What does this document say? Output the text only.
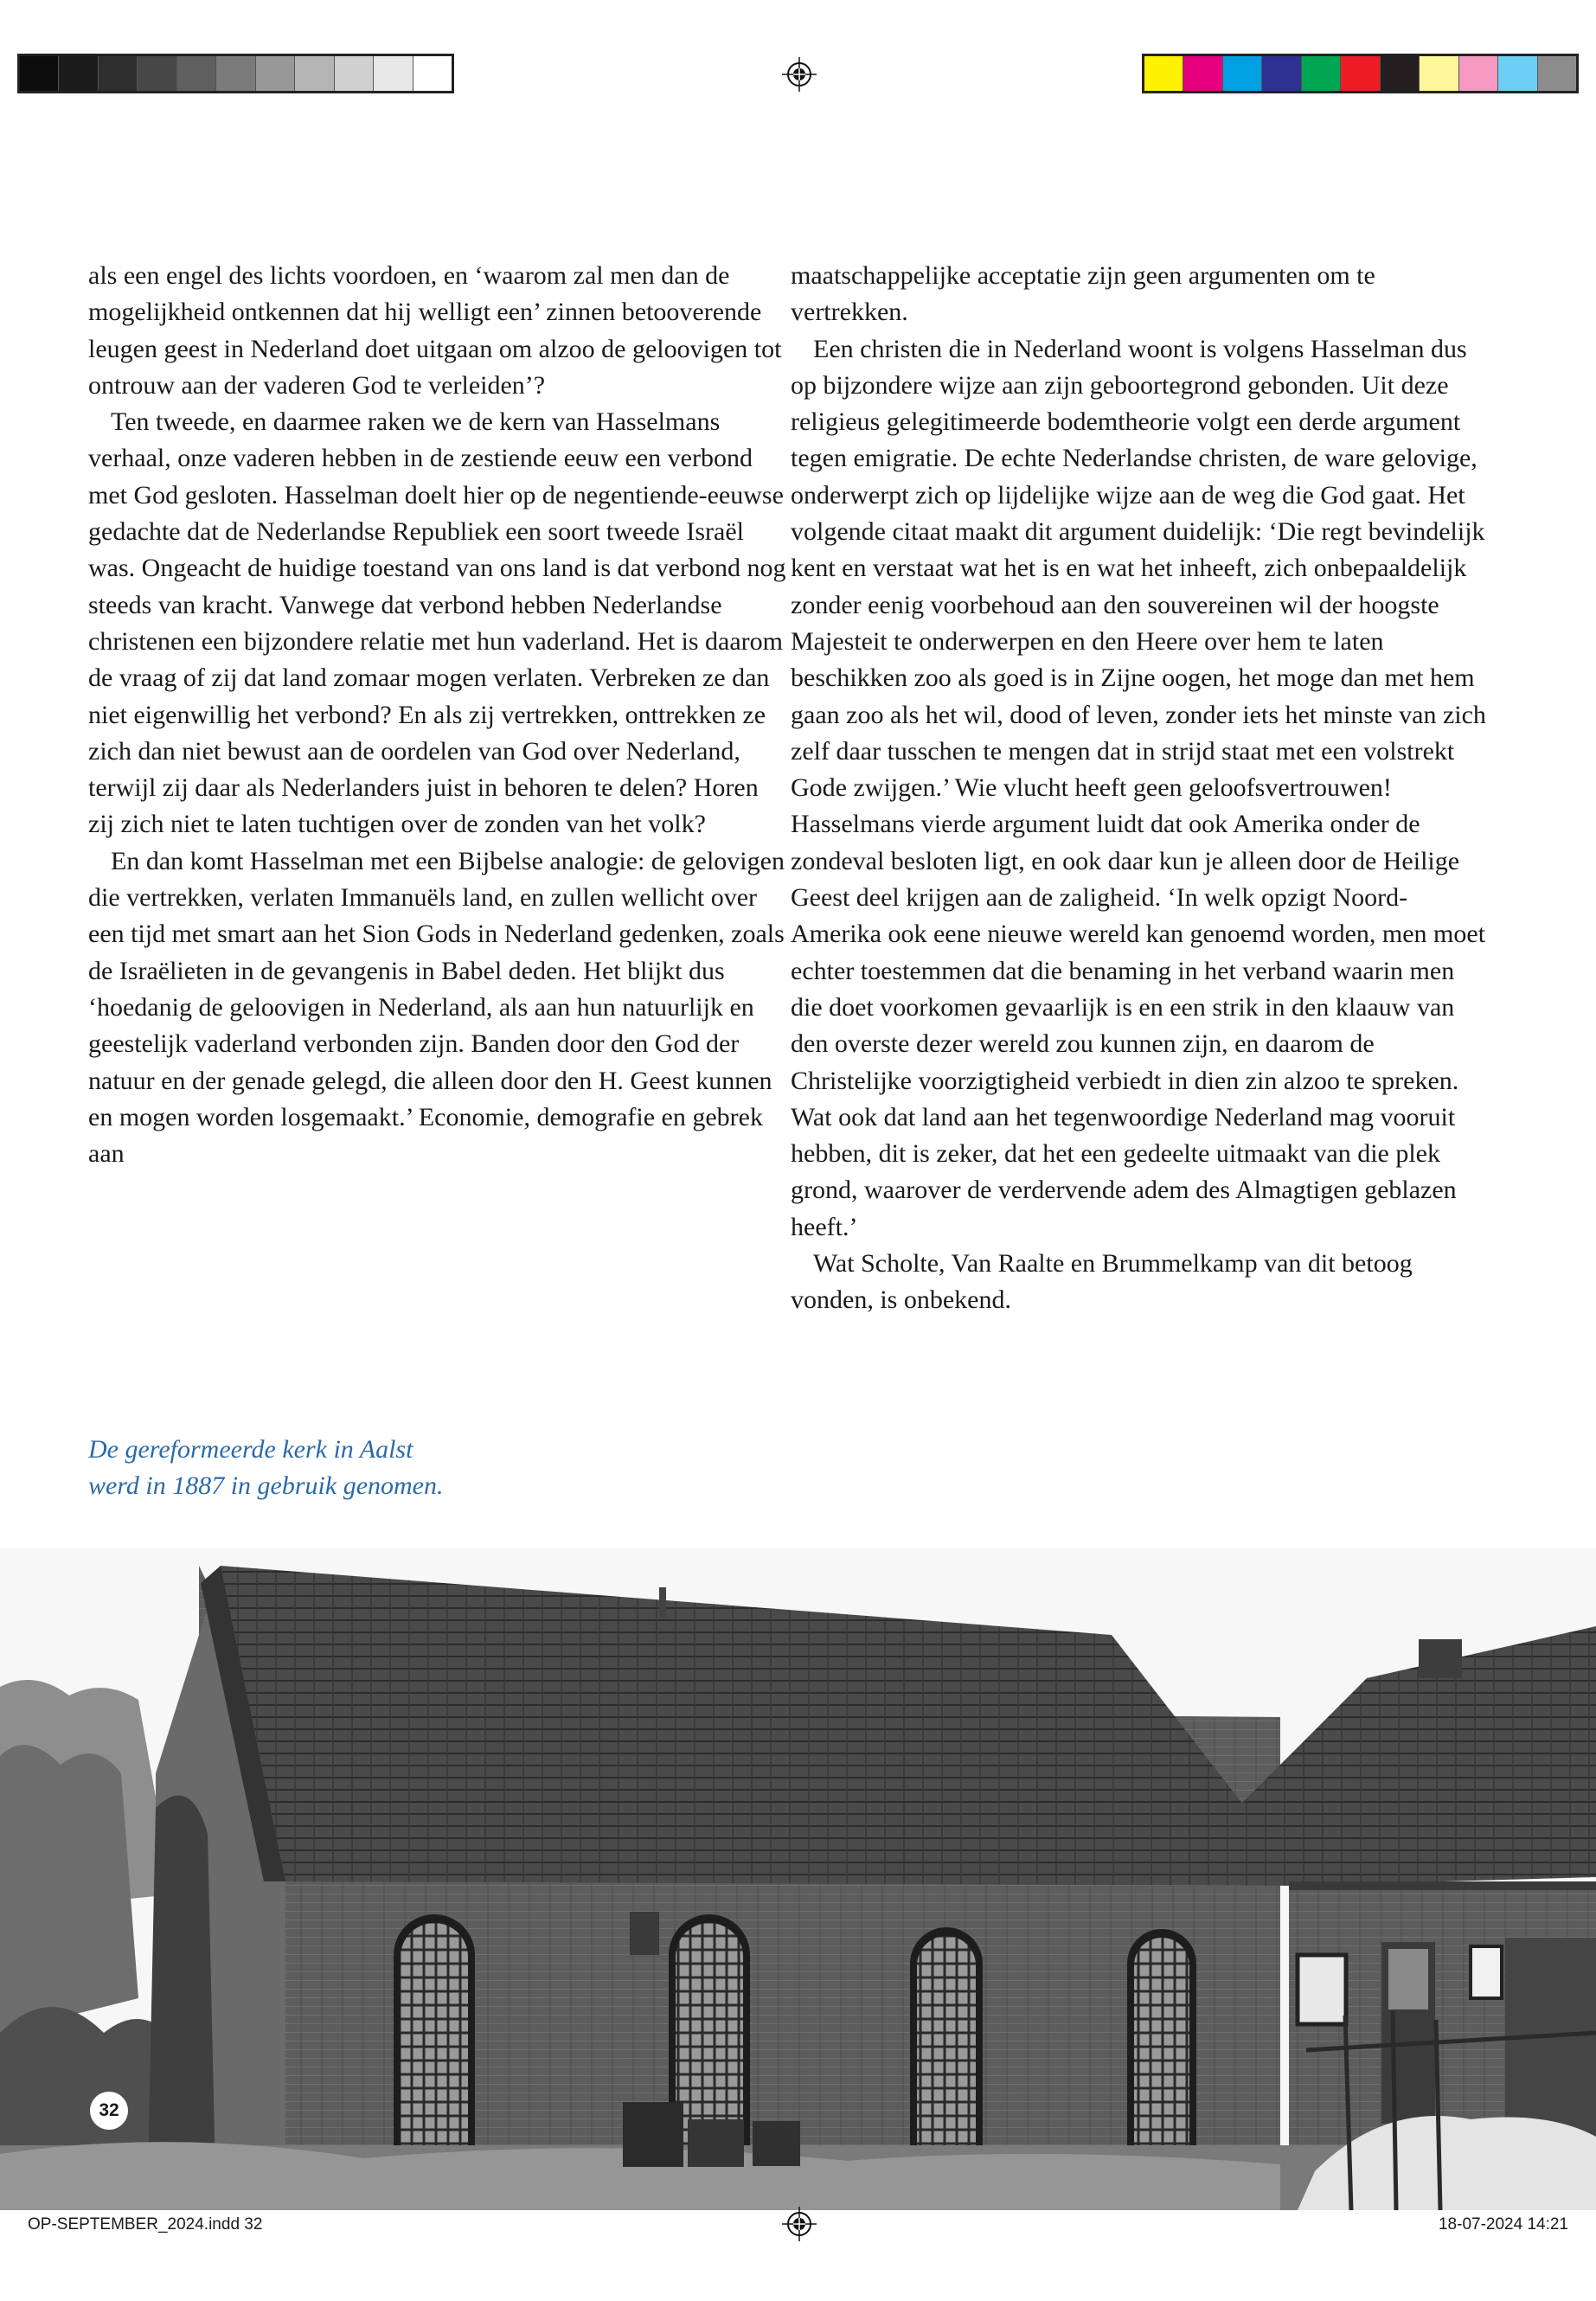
als een engel des lichts voordoen, en ‘waarom zal men dan de mogelijkheid ontkennen dat hij welligt een’ zinnen betooverende leugen geest in Nederland doet uitgaan om alzoo de geloovigen tot ontrouw aan der vaderen God te verleiden’?

Ten tweede, en daarmee raken we de kern van Hasselmans verhaal, onze vaderen hebben in de zestiende eeuw een verbond met God gesloten. Hasselman doelt hier op de negentiende-eeuwse gedachte dat de Nederlandse Republiek een soort tweede Israël was. Ongeacht de huidige toestand van ons land is dat verbond nog steeds van kracht. Vanwege dat verbond hebben Nederlandse christenen een bijzondere relatie met hun vaderland. Het is daarom de vraag of zij dat land zomaar mogen verlaten. Verbreken ze dan niet eigenwillig het verbond? En als zij vertrekken, onttrekken ze zich dan niet bewust aan de oordelen van God over Nederland, terwijl zij daar als Nederlanders juist in behoren te delen? Horen zij zich niet te laten tuchtigen over de zonden van het volk?

En dan komt Hasselman met een Bijbelse analogie: de gelovigen die vertrekken, verlaten Immanuëls land, en zullen wellicht over een tijd met smart aan het Sion Gods in Nederland gedenken, zoals de Israëlieten in de gevangenis in Babel deden. Het blijkt dus ‘hoedanig de geloovigen in Nederland, als aan hun natuurlijk en geestelijk vaderland verbonden zijn. Banden door den God der natuur en der genade gelegd, die alleen door den H. Geest kunnen en mogen worden losgemaakt.’ Economie, demografie en gebrek aan

maatschappelijke acceptatie zijn geen argumenten om te vertrekken.

Een christen die in Nederland woont is volgens Hasselman dus op bijzondere wijze aan zijn geboortegrond gebonden. Uit deze religieus gelegitimeerde bodemtheorie volgt een derde argument tegen emigratie. De echte Nederlandse christen, de ware gelovige, onderwerpt zich op lijdelijke wijze aan de weg die God gaat. Het volgende citaat maakt dit argument duidelijk: ‘Die regt bevindelijk kent en verstaat wat het is en wat het inheeft, zich onbepaaldelijk zonder eenig voorbehoud aan den souvereinen wil der hoogste Majesteit te onderwerpen en den Heere over hem te laten beschikken zoo als goed is in Zijne oogen, het moge dan met hem gaan zoo als het wil, dood of leven, zonder iets het minste van zich zelf daar tusschen te mengen dat in strijd staat met een volstrekt Gode zwijgen.’ Wie vlucht heeft geen geloofsvertrouwen! Hasselmans vierde argument luidt dat ook Amerika onder de zondeval besloten ligt, en ook daar kun je alleen door de Heilige Geest deel krijgen aan de zaligheid. ‘In welk opzigt Noord-Amerika ook eene nieuwe wereld kan genoemd worden, men moet echter toestemmen dat die benaming in het verband waarin men die doet voorkomen gevaarlijk is en een strik in den klaauw van den overste dezer wereld zou kunnen zijn, en daarom de Christelijke voorzigtigheid verbiedt in dien zin alzoo te spreken. Wat ook dat land aan het tegenwoordige Nederland mag vooruit hebben, dit is zeker, dat het een gedeelte uitmaakt van die plek grond, waarover de verdervende adem des Almagtigen geblazen heeft.’

Wat Scholte, Van Raalte en Brummelkamp van dit betoog vonden, is onbekend.

De gereformeerde kerk in Aalst
werd in 1887 in gebruik genomen.
32
OP-SEPTEMBER_2024.indd 32	18-07-2024 14:21
